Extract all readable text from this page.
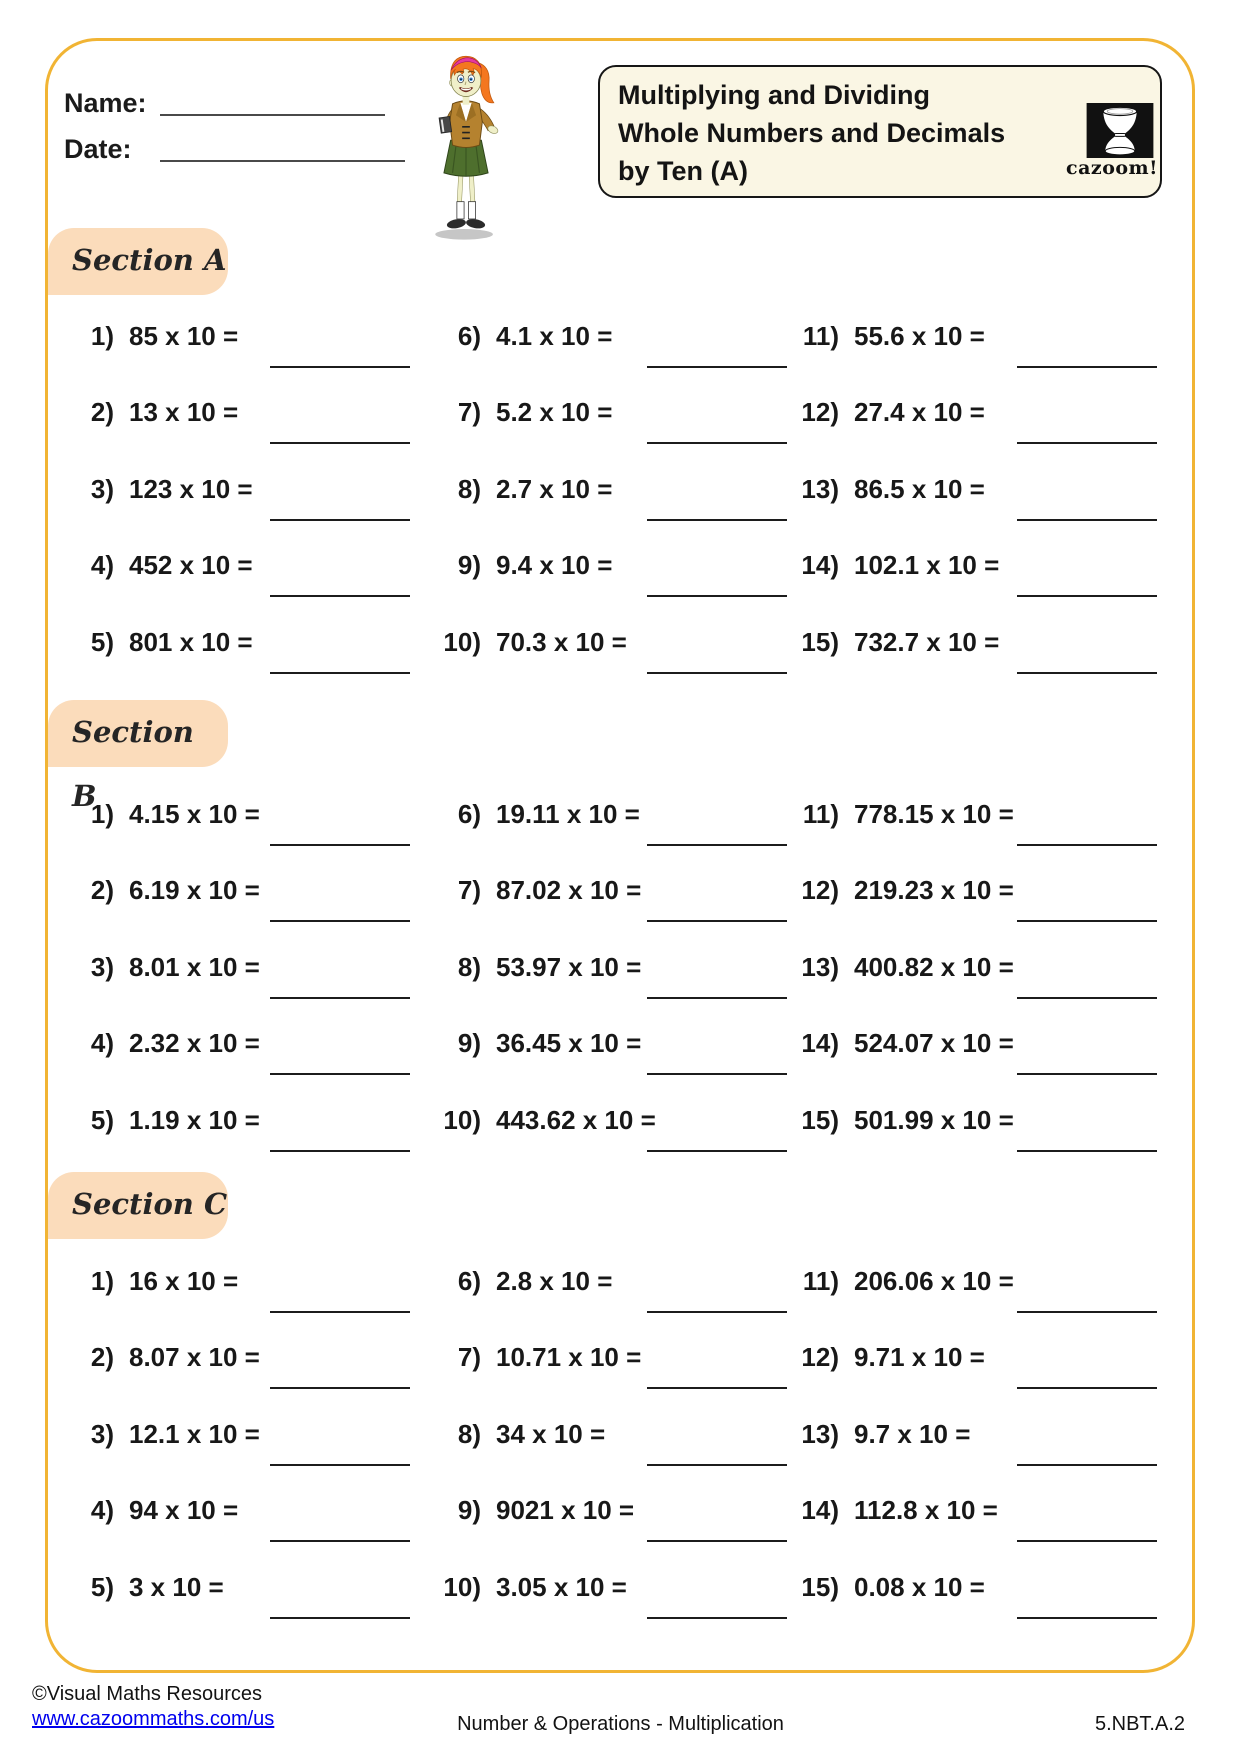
Name:
Date:
Multiplying and Dividing
Whole Numbers and Decimals
by Ten (A)	cazoom!
Section A
1) 85 x 10 =
2) 13 x 10 =
3) 123 x 10 =
4) 452 x 10 =
5) 801 x 10 =
6) 4.1 x 10 =
7) 5.2 x 10 =
8) 2.7 x 10 =
9) 9.4 x 10 =
10) 70.3 x 10 =
11) 55.6 x 10 =
12) 27.4 x 10 =
13) 86.5 x 10 =
14) 102.1 x 10 =
15) 732.7 x 10 =
Section B
1) 4.15 x 10 =
2) 6.19 x 10 =
3) 8.01 x 10 =
4) 2.32 x 10 =
5) 1.19 x 10 =
6) 19.11 x 10 =
7) 87.02 x 10 =
8) 53.97 x 10 =
9) 36.45 x 10 =
10) 443.62 x 10 =
11) 778.15 x 10 =
12) 219.23 x 10 =
13) 400.82 x 10 =
14) 524.07 x 10 =
15) 501.99 x 10 =
Section C
1) 16 x 10 =
2) 8.07 x 10 =
3) 12.1 x 10 =
4) 94 x 10 =
5) 3 x 10 =
6) 2.8 x 10 =
7) 10.71 x 10 =
8) 34 x 10 =
9) 9021 x 10 =
10) 3.05 x 10 =
11) 206.06 x 10 =
12) 9.71 x 10 =
13) 9.7 x 10 =
14) 112.8 x 10 =
15) 0.08 x 10 =
©Visual Maths Resources
www.cazoommaths.com/us	Number & Operations - Multiplication	5.NBT.A.2
